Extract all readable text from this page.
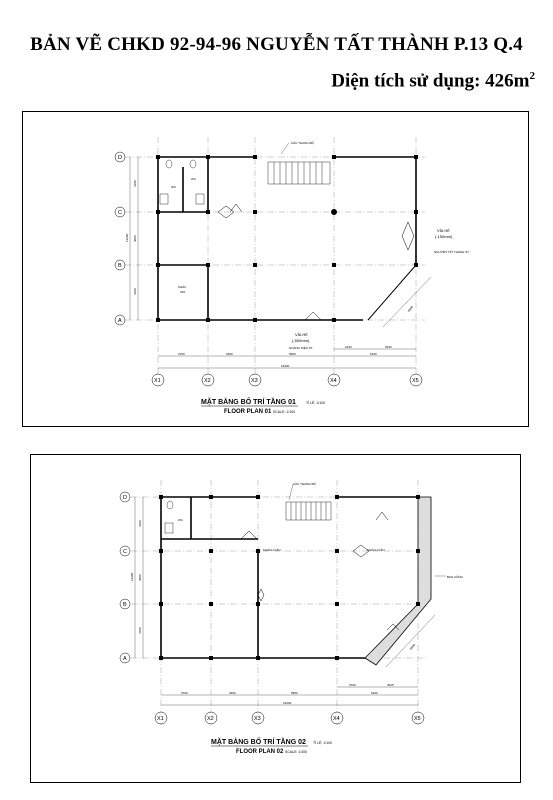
BẢN VẼ CHKD 92-94-96 NGUYỄN TẤT THÀNH P.13 Q.4
Diện tích sử dụng: $426m^2$
CẦU THANG BỘ
WC
WC
KHÁC
240
VỈA HÈ
(-150mm)
NGUYỄN TẤT THÀNH ST
VỈA HÈ
(-500mm)
HOÀNG DIỆU ST
6500
3700	3450	5950	6100
19200
2160	3915
4100
4000
4100
12200
D
C
B
A
X1	X2	X3	X4	X5
MẶT BẰNG BỐ TRÍ TẦNG 01	TỈ LỆ: 1/100
FLOOR PLAN 01 SCALE: 1/100
CẦU THANG BỘ
WC
KHÁCH VĂN	KHÁCH VĂN
BAN CÔNG
6500
3700	3450	5950	6100
19200
3700	3915
4100
4000
4100
12200
D
C
B
A
X1	X2	X3	X4	X5
MẶT BẰNG BỐ TRÍ TẦNG 02 TỈ LỆ: 1/100
FLOOR PLAN 02 SCALE: 1/100
